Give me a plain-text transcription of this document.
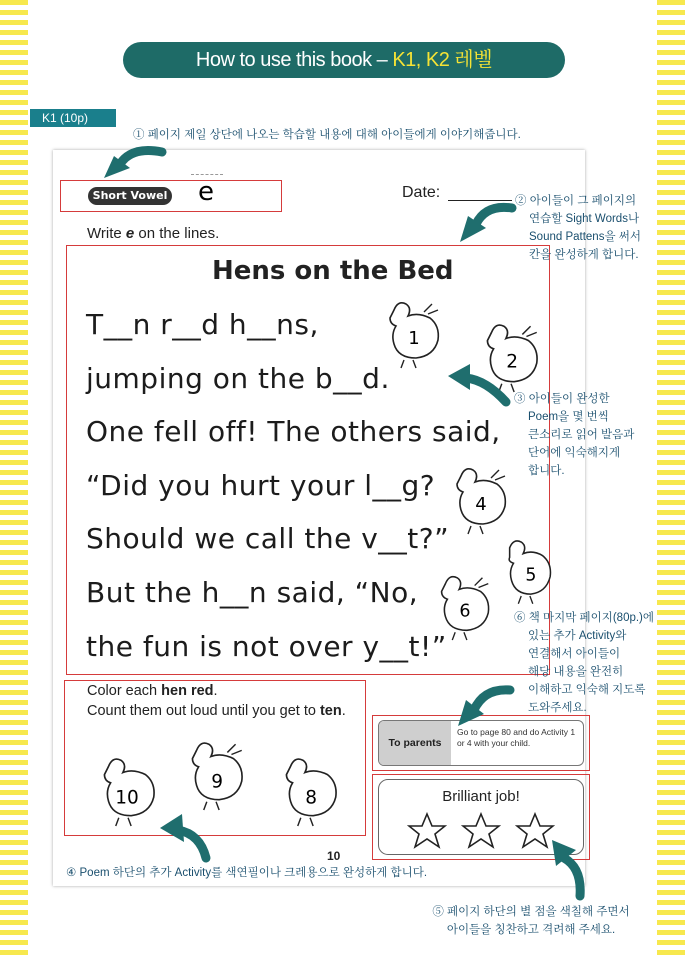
How to use this book – K1, K2 레벨
K1 (10p)
① 페이지 제일 상단에 나오는 학습할 내용에 대해 아이들에게 이야기해줍니다.
Short Vowel e	Date:
Write e on the lines.
Hens on the Bed
T__n r__d h__ns,
jumping on the b__d.
One fell off! The others said,
“Did you hurt your l__g?
Should we call the v__t?”
But the h__n said, “No,
the fun is not over y__t!”
1
2
4
5
6
Color each hen red.
Count them out loud until you get to ten.
10
9
8
10
To parents
Go to page 80 and do Activity 1 or 4 with your child.
Brilliant job!
② 아이들이 그 페이지의
연습할 Sight Words나
Sound Pattens을 써서
칸을 완성하게 합니다.
③ 아이들이 완성한
Poem을 몇 번씩
큰소리로 읽어 발음과
단어에 익숙해지게
합니다.
⑥ 책 마지막 페이지(80p.)에
있는 추가 Activity와
연결해서 아이들이
해당 내용을 완전히
이해하고 익숙해 지도록
도와주세요.
④ Poem 하단의 추가 Activity를 색연필이나 크레용으로 완성하게 합니다.
⑤ 페이지 하단의 별 점을 색칠해 주면서
아이들을 칭찬하고 격려해 주세요.
